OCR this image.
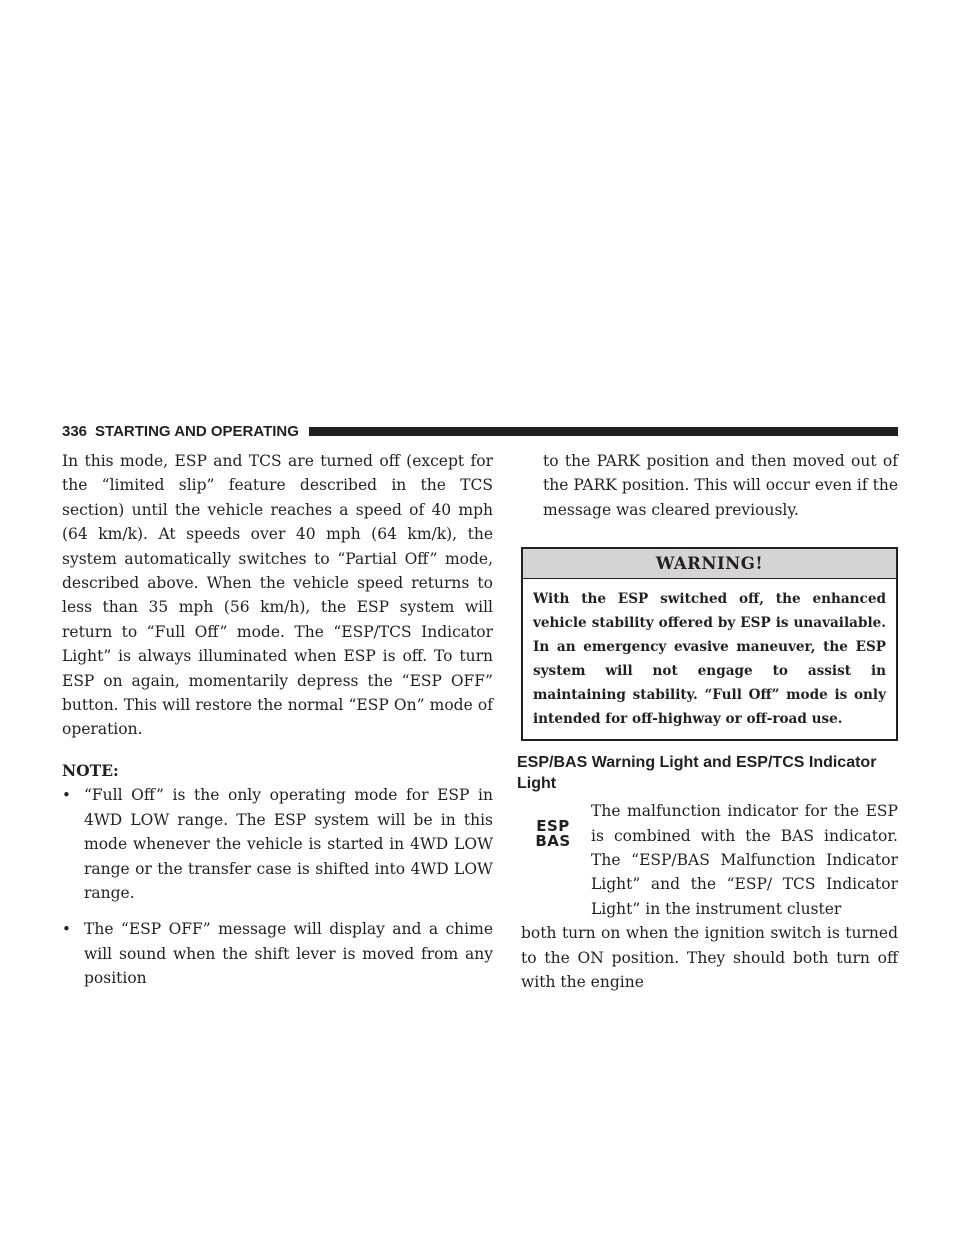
336 STARTING AND OPERATING

In this mode, ESP and TCS are turned off (except for the “limited slip” feature described in the TCS section) until the vehicle reaches a speed of 40 mph (64 km/k). At speeds over 40 mph (64 km/k), the system automatically switches to “Partial Off” mode, described above. When the vehicle speed returns to less than 35 mph (56 km/h), the ESP system will return to “Full Off” mode. The “ESP/TCS Indicator Light” is always illuminated when ESP is off. To turn ESP on again, momentarily depress the “ESP OFF” button. This will restore the normal “ESP On” mode of operation.

NOTE:
• “Full Off” is the only operating mode for ESP in 4WD LOW range. The ESP system will be in this mode whenever the vehicle is started in 4WD LOW range or the transfer case is shifted into 4WD LOW range.

• The “ESP OFF” message will display and a chime will sound when the shift lever is moved from any position

to the PARK position and then moved out of the PARK position. This will occur even if the message was cleared previously.

WARNING!
With the ESP switched off, the enhanced vehicle stability offered by ESP is unavailable. In an emergency evasive maneuver, the ESP system will not engage to assist in maintaining stability. “Full Off” mode is only intended for off-highway or off-road use.
ESP/BAS Warning Light and ESP/TCS Indicator Light
ESP
BAS

The malfunction indicator for the ESP is combined with the BAS indicator. The “ESP/BAS Malfunction Indicator Light” and the “ESP/ TCS Indicator Light” in the instrument cluster

both turn on when the ignition switch is turned to the ON position. They should both turn off with the engine
